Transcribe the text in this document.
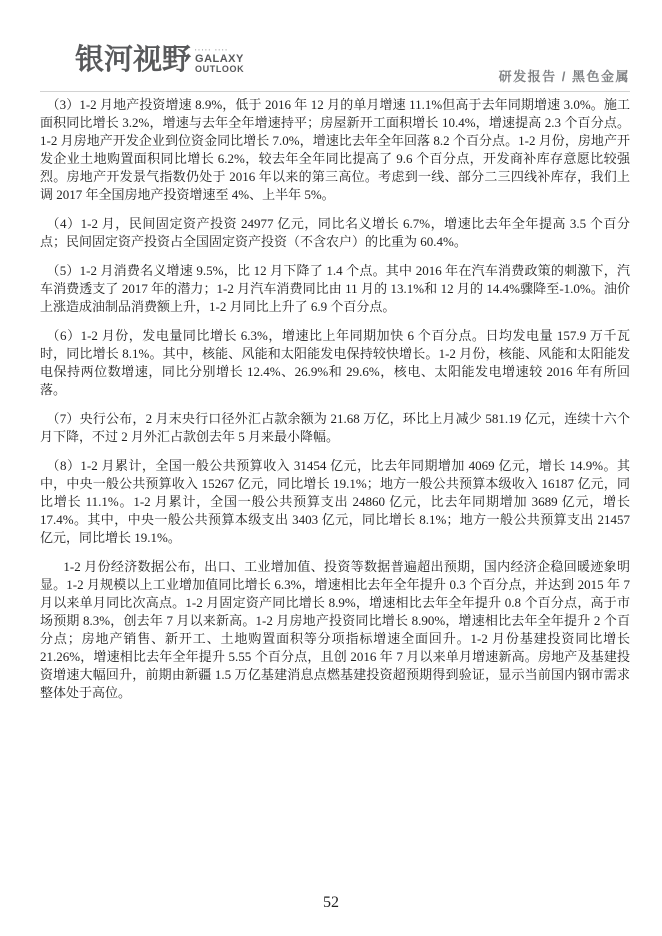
银河视野 ▪▪▪▪▪ ▪▪▪▪
GALAXY
OUTLOOK	研发报告 / 黑色金属

（3）1-2 月地产投资增速 8.9%，低于 2016 年 12 月的单月增速 11.1%但高于去年同期增速 3.0%。施工面积同比增长 3.2%，增速与去年全年增速持平；房屋新开工面积增长 10.4%，增速提高 2.3 个百分点。1-2 月房地产开发企业到位资金同比增长 7.0%，增速比去年全年回落 8.2 个百分点。1-2 月份，房地产开发企业土地购置面积同比增长 6.2%，较去年全年同比提高了 9.6 个百分点，开发商补库存意愿比较强烈。房地产开发景气指数仍处于 2016 年以来的第三高位。考虑到一线、部分二三四线补库存，我们上调 2017 年全国房地产投资增速至 4%、上半年 5%。

（4）1-2 月，民间固定资产投资 24977 亿元，同比名义增长 6.7%，增速比去年全年提高 3.5 个百分点；民间固定资产投资占全国固定资产投资（不含农户）的比重为 60.4%。

（5）1-2 月消费名义增速 9.5%，比 12 月下降了 1.4 个点。其中 2016 年在汽车消费政策的刺激下，汽车消费透支了 2017 年的潜力；1-2 月汽车消费同比由 11 月的 13.1%和 12 月的 14.4%骤降至-1.0%。油价上涨造成油制品消费额上升，1-2 月同比上升了 6.9 个百分点。

（6）1-2 月份，发电量同比增长 6.3%，增速比上年同期加快 6 个百分点。日均发电量 157.9 万千瓦时，同比增长 8.1%。其中，核能、风能和太阳能发电保持较快增长。1-2 月份，核能、风能和太阳能发电保持两位数增速，同比分别增长 12.4%、26.9%和 29.6%，核电、太阳能发电增速较 2016 年有所回落。

（7）央行公布，2 月末央行口径外汇占款余额为 21.68 万亿，环比上月减少 581.19 亿元，连续十六个月下降，不过 2 月外汇占款创去年 5 月来最小降幅。

（8）1-2 月累计，全国一般公共预算收入 31454 亿元，比去年同期增加 4069 亿元，增长 14.9%。其中，中央一般公共预算收入 15267 亿元，同比增长 19.1%；地方一般公共预算本级收入 16187 亿元，同比增长 11.1%。1-2 月累计，全国一般公共预算支出 24860 亿元，比去年同期增加 3689 亿元，增长 17.4%。其中，中央一般公共预算本级支出 3403 亿元，同比增长 8.1%；地方一般公共预算支出 21457 亿元，同比增长 19.1%。

1-2 月份经济数据公布，出口、工业增加值、投资等数据普遍超出预期，国内经济企稳回暖迹象明显。1-2 月规模以上工业增加值同比增长 6.3%，增速相比去年全年提升 0.3 个百分点，并达到 2015 年 7 月以来单月同比次高点。1-2 月固定资产同比增长 8.9%，增速相比去年全年提升 0.8 个百分点，高于市场预期 8.3%，创去年 7 月以来新高。1-2 月房地产投资同比增长 8.90%，增速相比去年全年提升 2 个百分点；房地产销售、新开工、土地购置面积等分项指标增速全面回升。1-2 月份基建投资同比增长 21.26%，增速相比去年全年提升 5.55 个百分点，且创 2016 年 7 月以来单月增速新高。房地产及基建投资增速大幅回升，前期由新疆 1.5 万亿基建消息点燃基建投资超预期得到验证，显示当前国内钢市需求整体处于高位。

52
